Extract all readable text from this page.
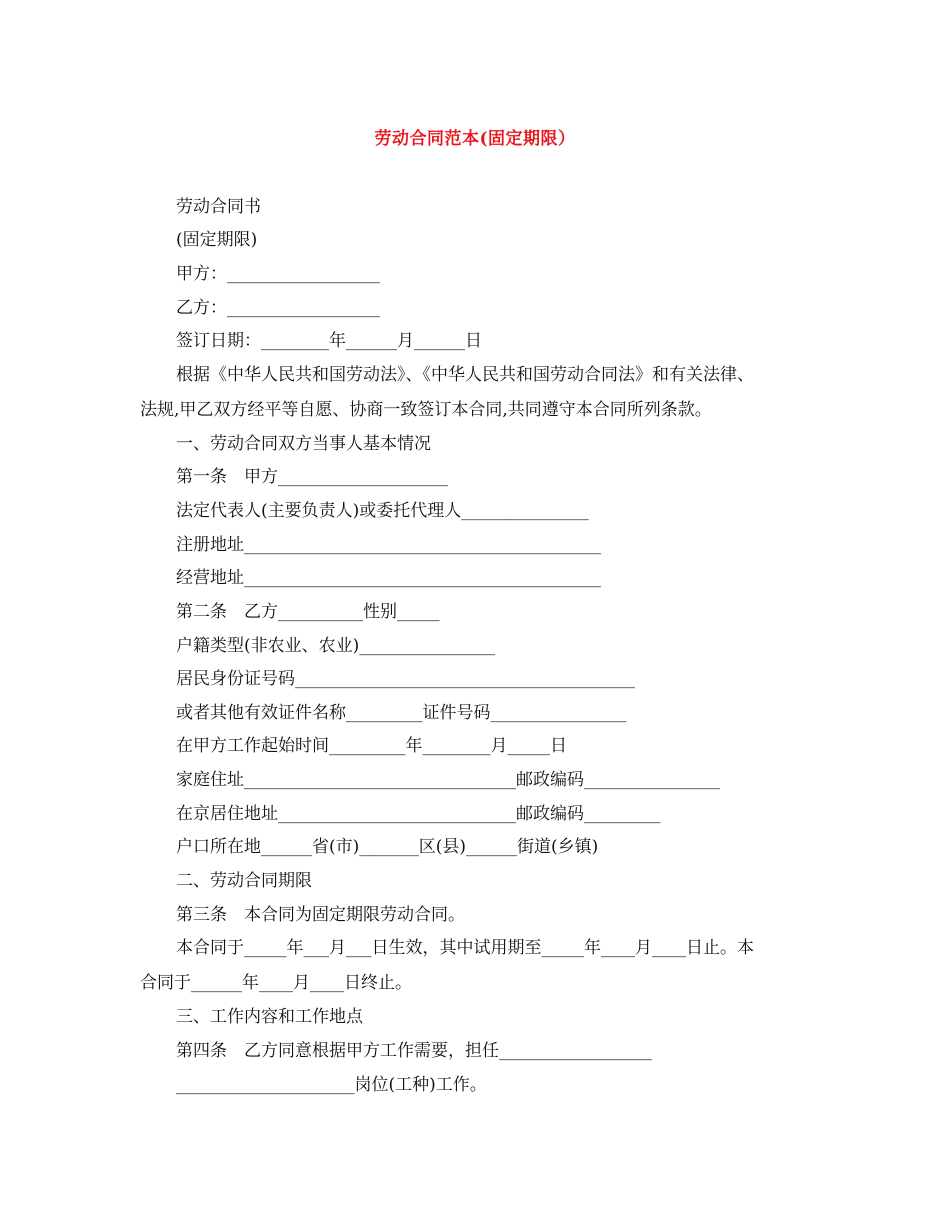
劳动合同范本(固定期限）
劳动合同书
(固定期限)
甲方：__________________
乙方：__________________
签订日期：________年______月______日
根据《中华人民共和国劳动法》、《中华人民共和国劳动合同法》和有关法律、
法规,甲乙双方经平等自愿、协商一致签订本合同,共同遵守本合同所列条款。
一、劳动合同双方当事人基本情况
第一条　甲方____________________
法定代表人(主要负责人)或委托代理人_______________
注册地址__________________________________________
经营地址__________________________________________
第二条　乙方__________性别_____
户籍类型(非农业、农业)________________
居民身份证号码________________________________________
或者其他有效证件名称_________证件号码________________
在甲方工作起始时间_________年________月_____日
家庭住址________________________________邮政编码________________
在京居住地址____________________________邮政编码_________
户口所在地______省(市)_______区(县)______街道(乡镇)
二、劳动合同期限
第三条　本合同为固定期限劳动合同。
本合同于_____年___月___日生效，其中试用期至_____年____月____日止。本
合同于______年____月____日终止。
三、工作内容和工作地点
第四条　乙方同意根据甲方工作需要，担任__________________
_____________________岗位(工种)工作。
